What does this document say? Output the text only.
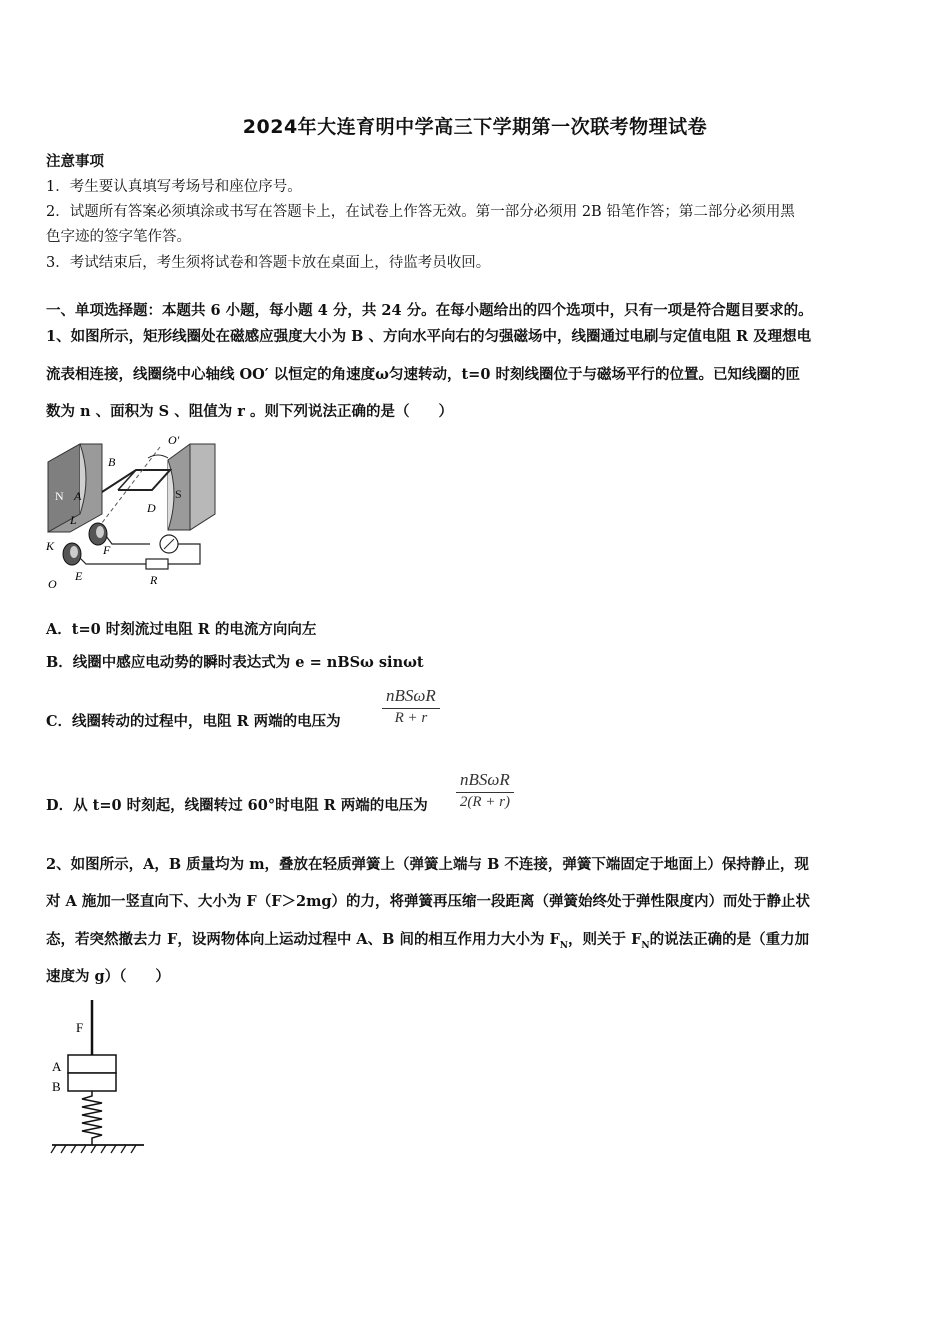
2024年大连育明中学高三下学期第一次联考物理试卷
注意事项
1．考生要认真填写考场号和座位序号。
2．试题所有答案必须填涂或书写在答题卡上，在试卷上作答无效。第一部分必须用 2B 铅笔作答；第二部分必须用黑
色字迹的签字笔作答。
3．考试结束后，考生须将试卷和答题卡放在桌面上，待监考员收回。
一、单项选择题：本题共 6 小题，每小题 4 分，共 24 分。在每小题给出的四个选项中，只有一项是符合题目要求的。
1、如图所示，矩形线圈处在磁感应强度大小为 B 、方向水平向右的匀强磁场中，线圈通过电刷与定值电阻 R 及理想电
流表相连接，线圈绕中心轴线 OO′ 以恒定的角速度ω匀速转动，t=0 时刻线圈位于与磁场平行的位置。已知线圈的匝
数为 n 、面积为 S 、阻值为 r 。则下列说法正确的是（　　）
O′
B
N	S
A
D
L
K	F
R
O
E
A．t=0 时刻流过电阻 R 的电流方向向左
B．线圈中感应电动势的瞬时表达式为 e = nBSω sinωt
C．线圈转动的过程中，电阻 R 两端的电压为
nBSωR
R + r
D．从 t=0 时刻起，线圈转过 60°时电阻 R 两端的电压为
nBSωR
2(R + r)
2、如图所示，A，B 质量均为 m，叠放在轻质弹簧上（弹簧上端与 B 不连接，弹簧下端固定于地面上）保持静止，现
对 A 施加一竖直向下、大小为 F（F＞2mg）的力，将弹簧再压缩一段距离（弹簧始终处于弹性限度内）而处于静止状
态，若突然撤去力 F，设两物体向上运动过程中 A、B 间的相互作用力大小为 $F_N$，则关于 $F_N$的说法正确的是（重力加
速度为 g）（　　）
F
A
B
